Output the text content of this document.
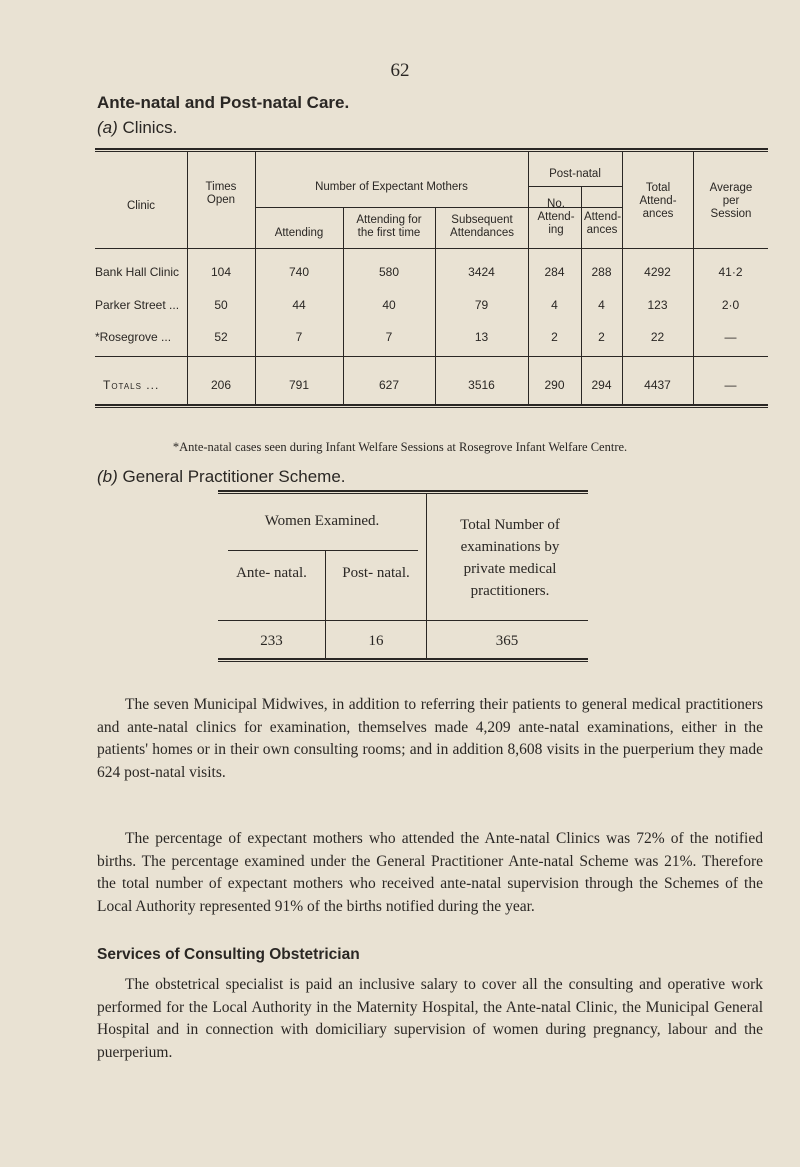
62
Ante-natal and Post-natal Care.
(a) Clinics.
Clinic
Times Open
Number of Expectant Mothers
Attending
Attending for the first time
Subsequent Attendances
Post-natal
No. Attend- ing
Attend- ances
Total Attend- ances
Average per Session
Bank Hall Clinic	104	740	580	3424	284	288	4292	41·2
Parker Street ...	50	44	40	79	4	4	123	2·0
*Rosegrove ...	52	7	7	13	2	2	22	—
Totals ...	206	791	627	3516	290	294	4437	—
*Ante-natal cases seen during Infant Welfare Sessions at Rosegrove Infant Welfare Centre.
(b) General Practitioner Scheme.
Women Examined.
Ante- natal.	Post- natal.
Total Number of examinations by private medical practitioners.
233	16	365

The seven Municipal Midwives, in addition to referring their patients to general medical practitioners and ante-natal clinics for examination, themselves made 4,209 ante-natal examinations, either in the patients' homes or in their own consulting rooms; and in addition 8,608 visits in the puerperium they made 624 post-natal visits.

The percentage of expectant mothers who attended the Ante-natal Clinics was 72% of the notified births. The percentage examined under the General Practitioner Ante-natal Scheme was 21%. Therefore the total number of expectant mothers who received ante-natal supervision through the Schemes of the Local Authority represented 91% of the births notified during the year.

Services of Consulting Obstetrician

The obstetrical specialist is paid an inclusive salary to cover all the consulting and operative work performed for the Local Authority in the Maternity Hospital, the Ante-natal Clinic, the Municipal General Hospital and in connection with domiciliary supervision of women during pregnancy, labour and the puerperium.
